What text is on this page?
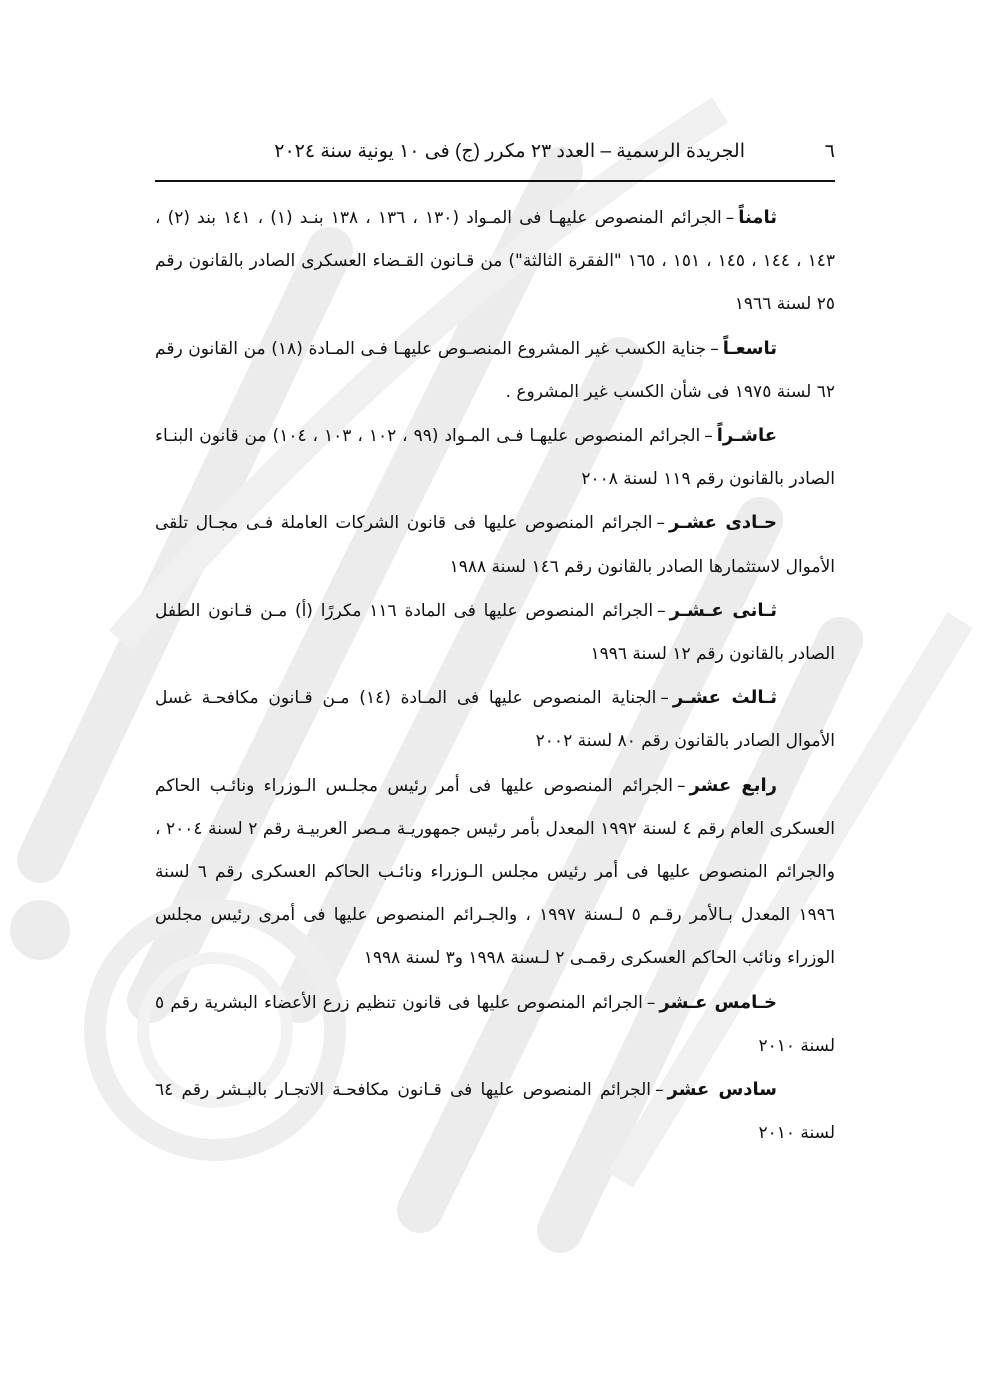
٦
الجريدة الرسمية – العدد ٢٣ مكرر (ج) فى ١٠ يونية سنة ٢٠٢٤

ثامناً–الجرائم المنصوص عليهـا فى المـواد (١٣٠ ، ١٣٦ ، ١٣٨ بنـد (١) ، ١٤١ بند (٢) ، ١٤٣ ، ١٤٤ ، ١٤٥ ، ١٥١ ، ١٦٥ "الفقرة الثالثة") من قـانون القـضاء العسكرى الصادر بالقانون رقم ٢٥ لسنة ١٩٦٦

تاسعـاً–جناية الكسب غير المشروع المنصـوص عليهـا فـى المـادة (١٨) من القانون رقم ٦٢ لسنة ١٩٧٥ فى شأن الكسب غير المشروع .

عاشـراً–الجرائم المنصوص عليهـا فـى المـواد (٩٩ ، ١٠٢ ، ١٠٣ ، ١٠٤) من قانون البنـاء الصادر بالقانون رقم ١١٩ لسنة ٢٠٠٨

حـادى عشـر–الجرائم المنصوص عليها فى قانون الشركات العاملة فـى مجـال تلقى الأموال لاستثمارها الصادر بالقانون رقم ١٤٦ لسنة ١٩٨٨

ثـانى عـشـر–الجرائم المنصوص عليها فى المادة ١١٦ مكررًا (أ) مـن قـانون الطفل الصادر بالقانون رقم ١٢ لسنة ١٩٩٦

ثـالث عشـر–الجناية المنصوص عليها فى المـادة (١٤) مـن قـانون مكافحـة غسل الأموال الصادر بالقانون رقم ٨٠ لسنة ٢٠٠٢

رابع عشر–الجرائم المنصوص عليها فى أمر رئيس مجلـس الـوزراء ونائـب الحاكم العسكرى العام رقم ٤ لسنة ١٩٩٢ المعدل بأمر رئيس جمهوريـة مـصر العربيـة رقم ٢ لسنة ٢٠٠٤ ، والجرائم المنصوص عليها فى أمر رئيس مجلس الـوزراء ونائـب الحاكم العسكرى رقم ٦ لسنة ١٩٩٦ المعدل بـالأمر رقـم ٥ لـسنة ١٩٩٧ ، والجـرائم المنصوص عليها فى أمرى رئيس مجلس الوزراء ونائب الحاكم العسكرى رقمـى ٢ لـسنة ١٩٩٨ و٣ لسنة ١٩٩٨

خـامس عـشر–الجرائم المنصوص عليها فى قانون تنظيم زرع الأعضاء البشرية رقم ٥ لسنة ٢٠١٠

سادس عشر–الجرائم المنصوص عليها فى قـانون مكافحـة الاتجـار بالبـشر رقم ٦٤ لسنة ٢٠١٠
